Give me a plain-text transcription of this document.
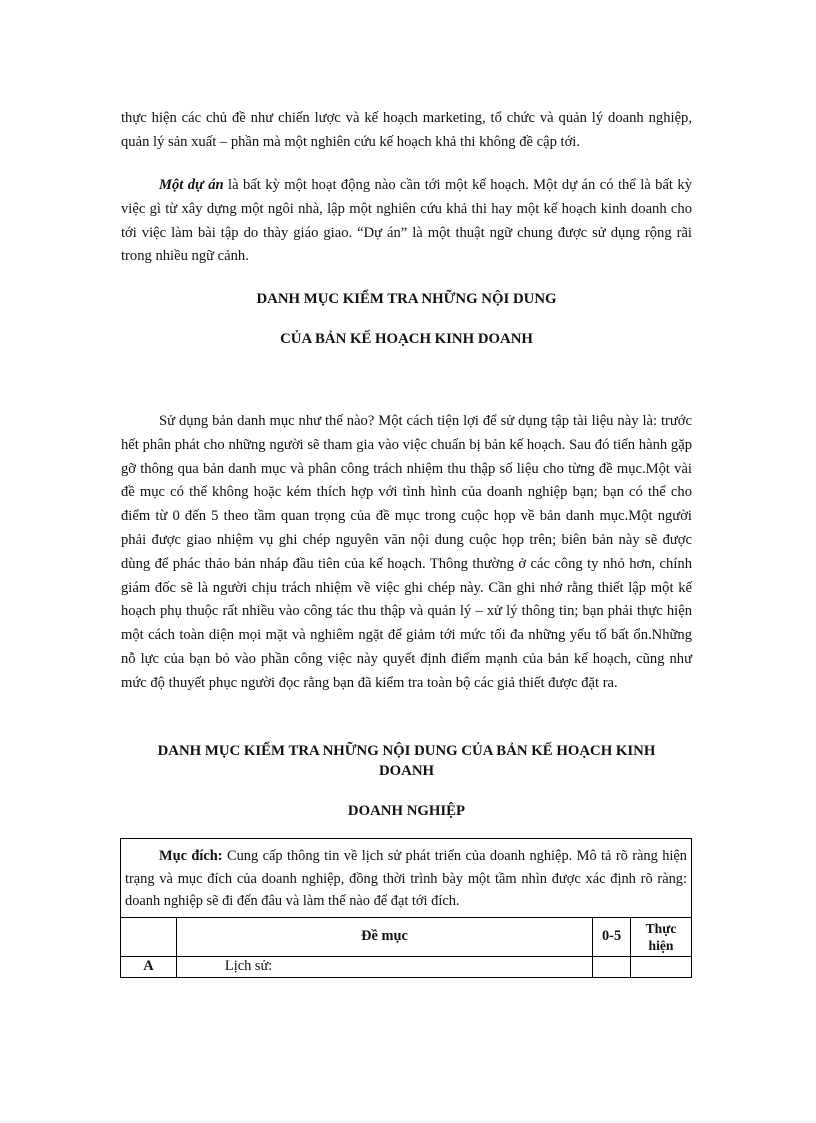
thực hiện các chủ đề như chiến lược và kế hoạch marketing, tổ chức và quản lý doanh nghiệp, quản lý sản xuất – phần mà một nghiên cứu kế hoạch khả thi không đề cập tới.

Một dự án là bất kỳ một hoạt động nào cần tới một kế hoạch. Một dự án có thể là bất kỳ việc gì từ xây dựng một ngôi nhà, lập một nghiên cứu khả thi hay một kế hoạch kinh doanh cho tới việc làm bài tập do thày giáo giao. “Dự án” là một thuật ngữ chung được sử dụng rộng rãi trong nhiều ngữ cảnh.

DANH MỤC KIỂM TRA NHỮNG NỘI DUNG
CỦA BẢN KẾ HOẠCH KINH DOANH

Sử dụng bản danh mục như thế nào? Một cách tiện lợi để sử dụng tập tài liệu này là: trước hết phân phát cho những người sẽ tham gia vào việc chuẩn bị bản kế hoạch. Sau đó tiến hành gặp gỡ thông qua bản danh mục và phân công trách nhiệm thu thập số liệu cho từng đề mục.Một vài đề mục có thể không hoặc kém thích hợp với tình hình của doanh nghiệp bạn; bạn có thể cho điểm từ 0 đến 5 theo tầm quan trọng của đề mục trong cuộc họp về bản danh mục.Một người phải được giao nhiệm vụ ghi chép nguyên văn nội dung cuộc họp trên; biên bản này sẽ được dùng để phác thảo bản nháp đầu tiên của kế hoạch. Thông thường ở các công ty nhỏ hơn, chính giám đốc sẽ là người chịu trách nhiệm về việc ghi chép này. Cần ghi nhớ rằng thiết lập một kế hoạch phụ thuộc rất nhiều vào công tác thu thập và quản lý – xử lý thông tin; bạn phải thực hiện một cách toàn diện mọi mặt và nghiêm ngặt để giảm tới mức tối đa những yếu tố bất ổn.Những nỗ lực của bạn bỏ vào phần công việc này quyết định điểm mạnh của bản kế hoạch, cũng như mức độ thuyết phục người đọc rằng bạn đã kiểm tra toàn bộ các giả thiết được đặt ra.

DANH MỤC KIỂM TRA NHỮNG NỘI DUNG CỦA BẢN KẾ HOẠCH KINH
DOANH
DOANH NGHIỆP
Mục đích: Cung cấp thông tin về lịch sử phát triển của doanh nghiệp. Mô tả rõ ràng hiện trạng và mục đích của doanh nghiệp, đồng thời trình bày một tầm nhìn được xác định rõ ràng: doanh nghiệp sẽ đi đến đâu và làm thế nào để đạt tới đích.			
	Đề mục	0-5	Thực
hiện

A	Lịch sử:		
